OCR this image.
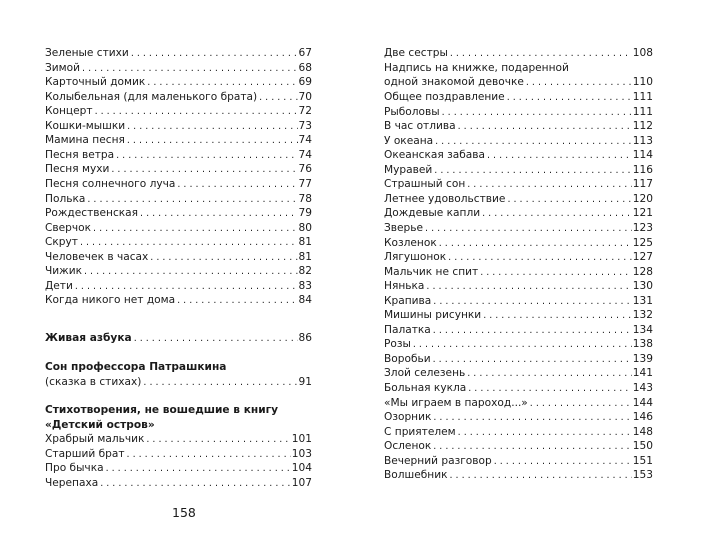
Зеленые стихи . . .	67
Зимой . . .	68
Карточный домик . . .	69
Колыбельная (для маленького брата) . . .	70
Концерт . . .	72
Кошки-мышки . . .	73
Мамина песня . . .	74
Песня ветра . . .	74
Песня мухи . . .	76
Песня солнечного луча . . .	77
Полька . . .	78
Рождественская . . .	79
Сверчок . . .	80
Скрут . . .	81
Человечек в часах . . .	81
Чижик . . .	82
Дети . . .	83
Когда никого нет дома . . .	84
Живая азбука . . .	86
Сон профессора Патрашкина
(сказка в стихах) . . .	91
Стихотворения, не вошедшие в книгу
«Детский остров»
Храбрый мальчик . . .	101
Старший брат . . .	103
Про бычка . . .	104
Черепаха . . .	107
Две сестры . . .	108
Надпись на книжке, подаренной
одной знакомой девочке . . .	110
Общее поздравление . . .	111
Рыболовы . . .	111
В час отлива . . .	112
У океана . . .	113
Океанская забава . . .	114
Муравей . . .	116
Страшный сон . . .	117
Летнее удовольствие . . .	120
Дождевые капли . . .	121
Зверье . . .	123
Козленок . . .	125
Лягушонок . . .	127
Мальчик не спит . . .	128
Нянька . . .	130
Крапива . . .	131
Мишины рисунки . . .	132
Палатка . . .	134
Розы . . .	138
Воробьи . . .	139
Злой селезень . . .	141
Больная кукла . . .	143
«Мы играем в пароход...» . . .	144
Озорник . . .	146
С приятелем . . .	148
Осленок . . .	150
Вечерний разговор . . .	151
Волшебник . . .	153
158
